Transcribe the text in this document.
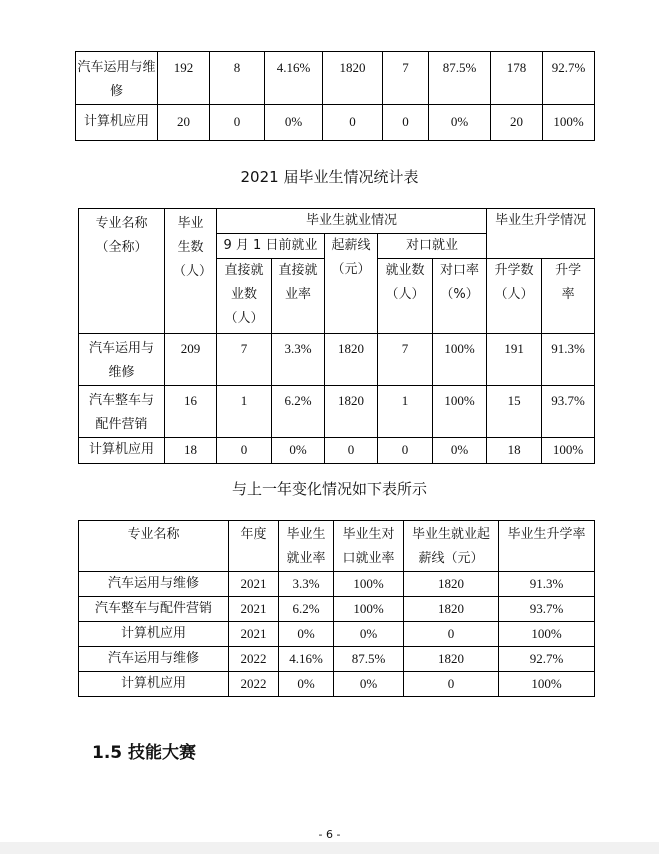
汽车运用与维修	192	8	4.16%	1820	7	87.5%	178	92.7%
计算机应用	20	0	0%	0	0	0%	20	100%
2021 届毕业生情况统计表
专业名称（全称）	毕业生数（人）	毕业生就业情况					毕业生升学情况	
		9 月 1 日前就业		起薪线（元）	对口就业			
		直接就业数（人）	直接就业率		就业数（人）	对口率（%）	升学数（人）	升学率
汽车运用与维修	209	7	3.3%	1820	7	100%	191	91.3%
汽车整车与配件营销	16	1	6.2%	1820	1	100%	15	93.7%
计算机应用	18	0	0%	0	0	0%	18	100%
与上一年变化情况如下表所示
专业名称	年度	毕业生就业率	毕业生对口就业率	毕业生就业起薪线（元）	毕业生升学率
汽车运用与维修	2021	3.3%	100%	1820	91.3%
汽车整车与配件营销	2021	6.2%	100%	1820	93.7%
计算机应用	2021	0%	0%	0	100%
汽车运用与维修	2022	4.16%	87.5%	1820	92.7%
计算机应用	2022	0%	0%	0	100%
1.5 技能大赛
- 6 -
